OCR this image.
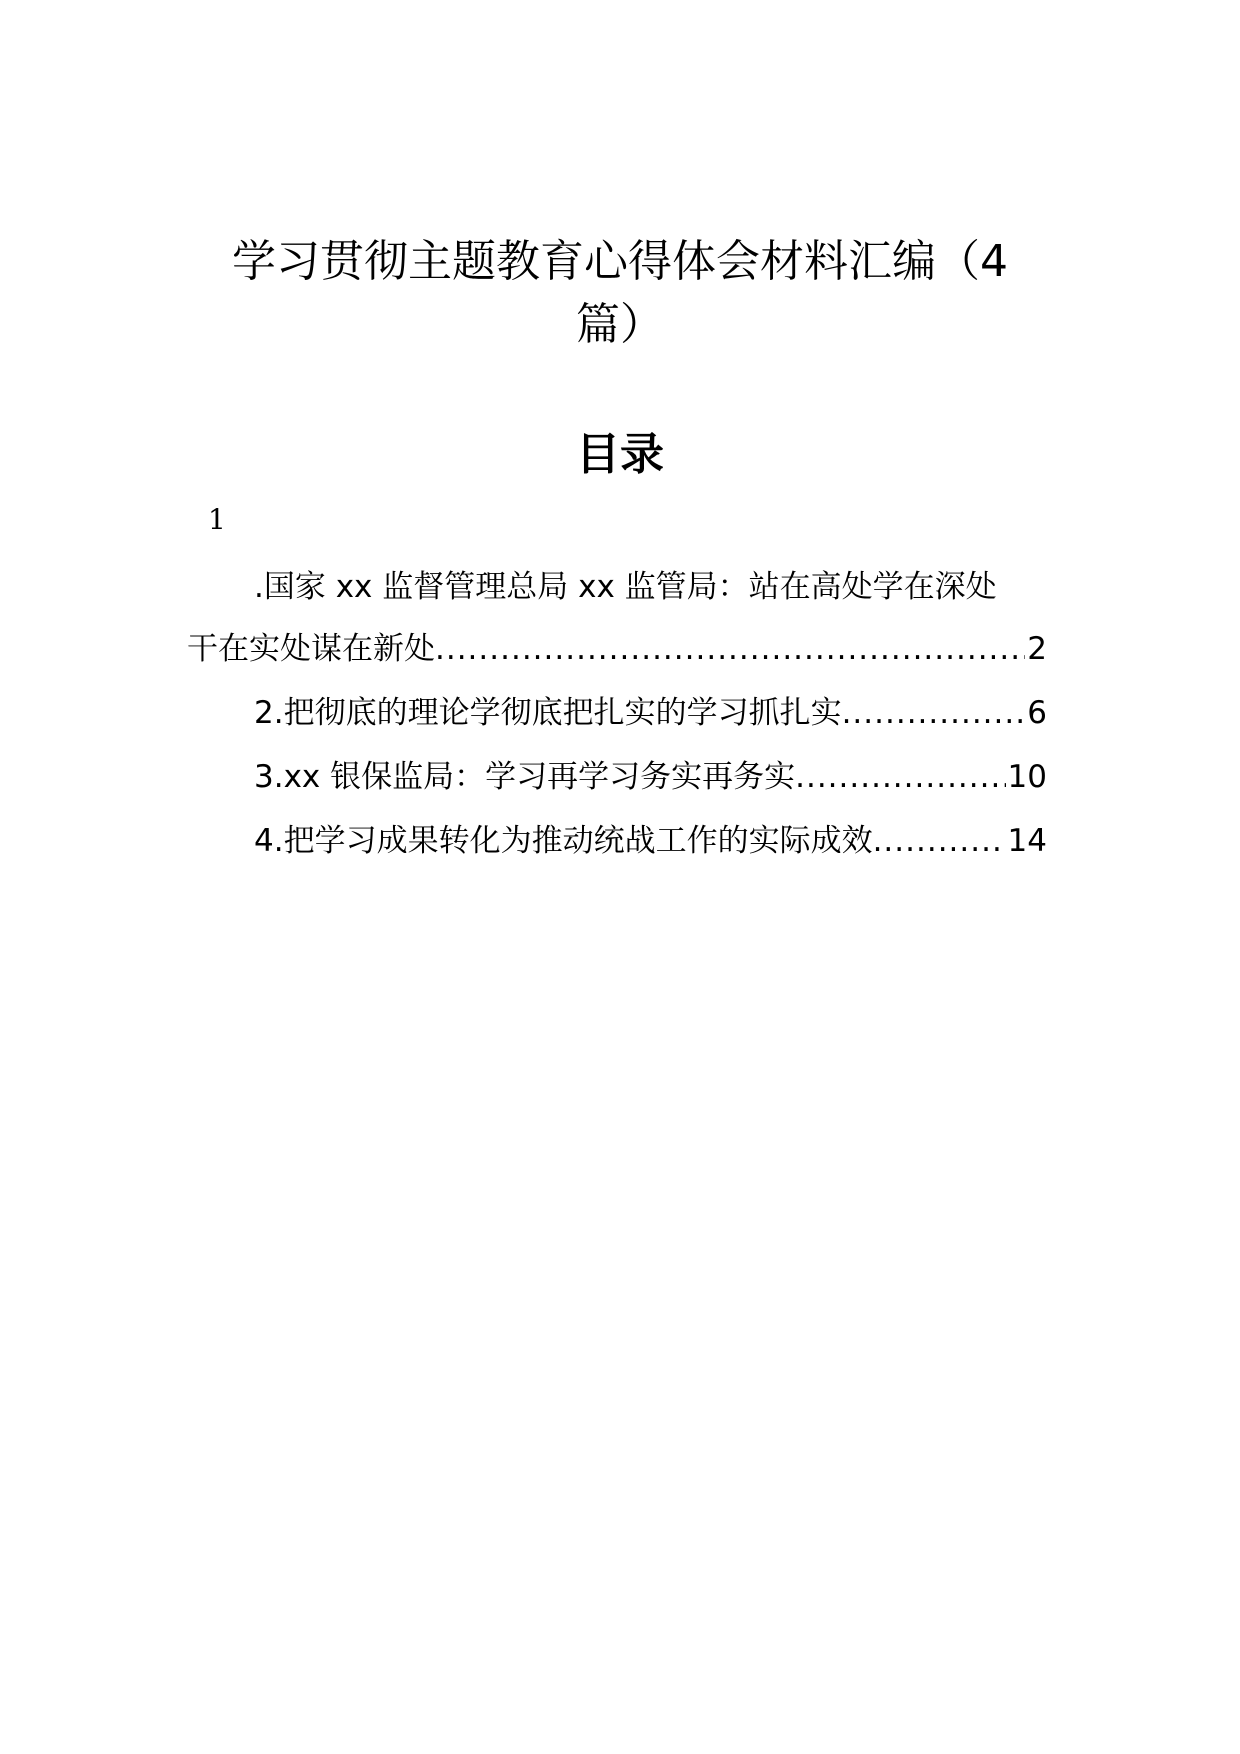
学习贯彻主题教育心得体会材料汇编（4
篇）
目录
1
.国家 xx 监督管理总局 xx 监管局：站在高处学在深处
干在实处谋在新处 .....	2
2.把彻底的理论学彻底把扎实的学习抓扎实 .....	6
3.xx 银保监局：学习再学习务实再务实 .....	10
4.把学习成果转化为推动统战工作的实际成效 .....	14
